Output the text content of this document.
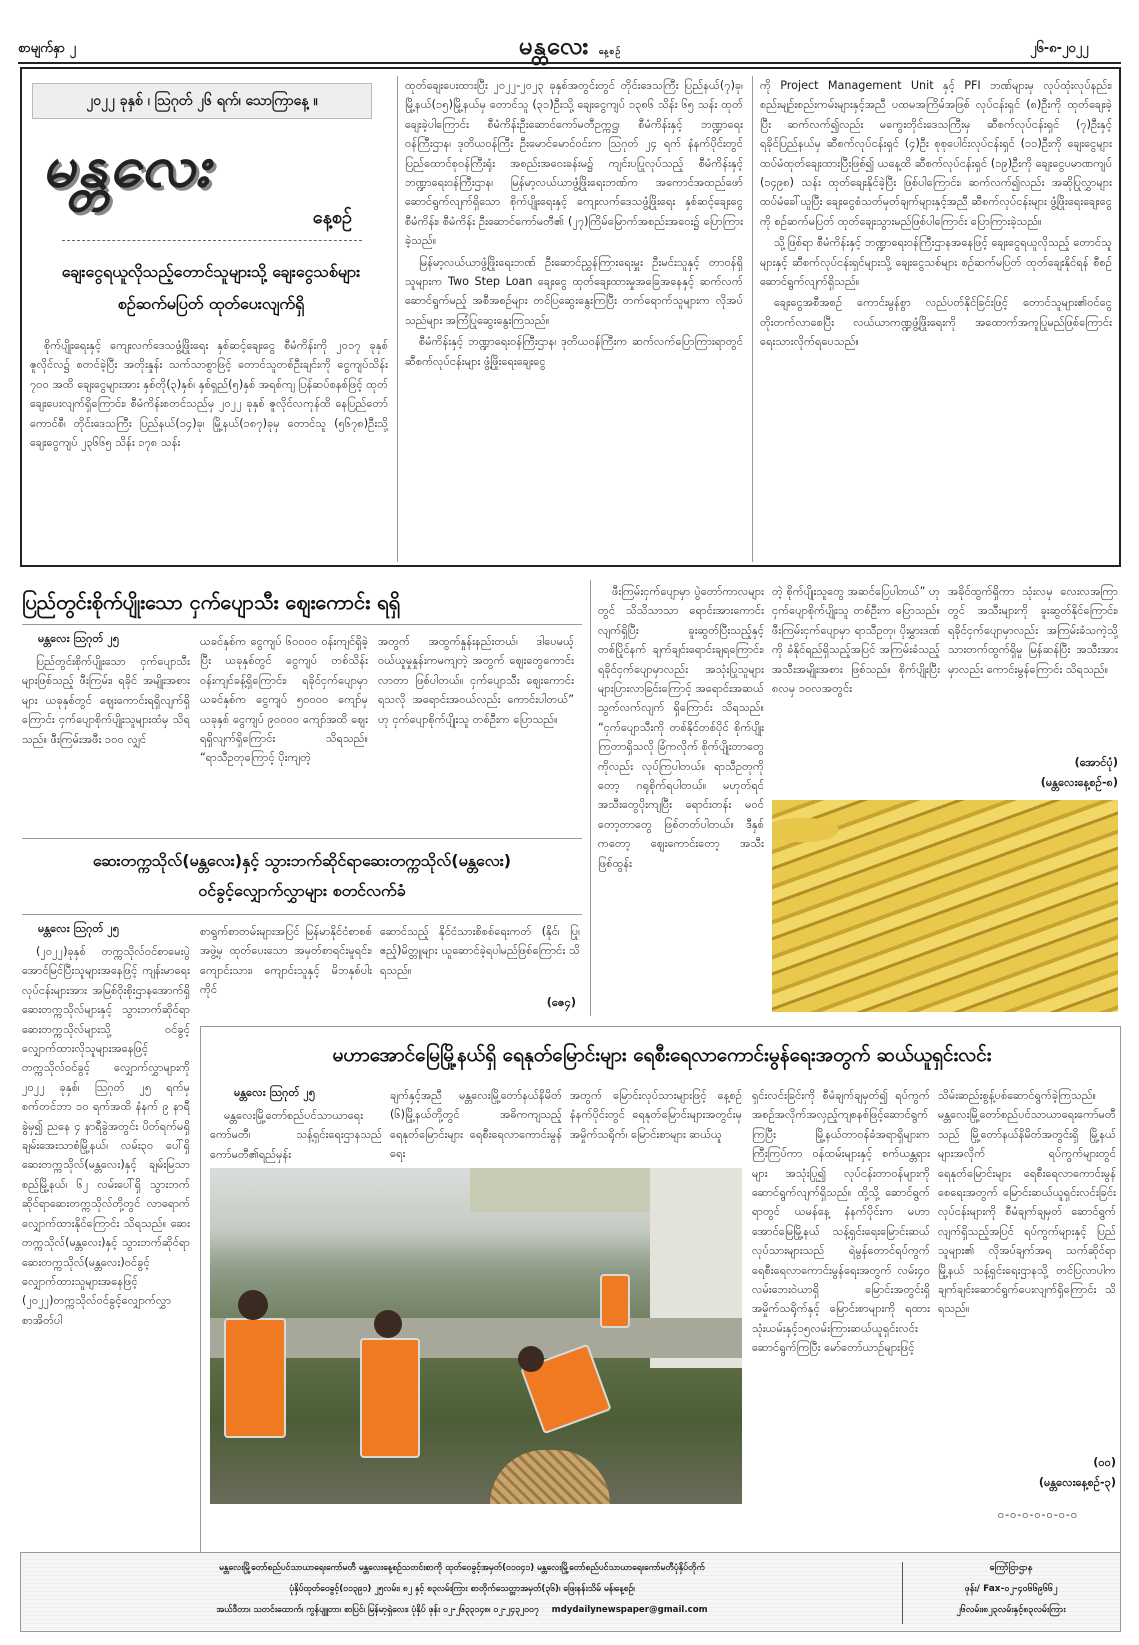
စာမျက်နှာ ၂	မန္တလေး နေ့စဉ်	၂၆-၈-၂၀၂၂
၂၀၂၂ ခုနှစ် ၊ ဩဂုတ် ၂၆ ရက်၊ သောကြာနေ့ ။
မန္တလေး
နေ့စဉ်
ချေးငွေရယူလိုသည့်တောင်သူများသို့ ချေးငွေသစ်များ
စဉ်ဆက်မပြတ် ထုတ်ပေးလျက်ရှိ

စိုက်ပျိုးရေးနှင့် ကျေးလက်ဒေသဖွံ့ဖြိုးရေး နှစ်ဆင့်ချေးငွေ စီမံကိန်းကို ၂၀၁၇ ခုနှစ် ဇူလိုင်လ၌ စတင်ခဲ့ပြီး အတိုးနှုန်း သက်သာစွာဖြင့် တောင်သူတစ်ဦးချင်းကို ငွေကျပ်သိန်း ၇၀၀ အထိ ချေးငွေများအား နှစ်တို(၃)နှစ်၊ နှစ်ရှည်(၅)နှစ် အရစ်ကျ ပြန်ဆပ်စနစ်ဖြင့် ထုတ်ချေးပေးလျက်ရှိကြောင်း၊ စီမံကိန်းစတင်သည်မှ ၂၀၂၂ ခုနှစ် ဇူလိုင်လကုန်ထိ နေပြည်တော်ကောင်စီ၊ တိုင်းဒေသကြီး ပြည်နယ်(၁၄)ခု၊ မြို့နယ်(၁၈၇)ခုမှ တောင်သူ (၅၆၇၈)ဦးသို့ ချေးငွေကျပ် ၂၃၆၆၅ သိန်း ၁၇၈ သန်း

ထုတ်ချေးပေးထားပြီး ၂၀၂၂-၂၀၂၃ ခုနှစ်အတွင်းတွင် တိုင်းဒေသကြီး ပြည်နယ်(၇)ခု၊ မြို့နယ်(၁၅)မြို့နယ်မှ တောင်သူ (၃၁)ဦးသို့ ချေးငွေကျပ် ၁၃၈၆ သိန်း ၆၅ သန်း ထုတ်ချေးခဲ့ပါကြောင်း စီမံကိန်းဦးဆောင်ကော်မတီဥက္ကဋ္ဌ၊ စီမံကိန်းနှင့် ဘဏ္ဍာရေးဝန်ကြီးဌာန၊ ဒုတိယဝန်ကြီး ဦးမောင်မောင်ဝင်းက ဩဂုတ် ၂၄ ရက် နံနက်ပိုင်းတွင် ပြည်ထောင်စုဝန်ကြီးရုံး အစည်းအဝေးခန်းမ၌ ကျင်းပပြုလုပ်သည့် စီမံကိန်းနှင့် ဘဏ္ဍာရေးဝန်ကြီးဌာန၊ မြန်မာ့လယ်ယာဖွံ့ဖြိုးရေးဘဏ်က အကောင်အထည်ဖော် ဆောင်ရွက်လျက်ရှိသော စိုက်ပျိုးရေးနှင့် ကျေးလက်ဒေသဖွံ့ဖြိုးရေး နှစ်ဆင့်ချေးငွေစီမံကိန်း၊ စီမံကိန်း ဦးဆောင်ကော်မတီ၏ (၂၇)ကြိမ်မြောက်အစည်းအဝေး၌ ပြောကြားခဲ့သည်။

မြန်မာ့လယ်ယာဖွံ့ဖြိုးရေးဘဏ် ဦးဆောင်ညွှန်ကြားရေးမှူး ဦးမင်းသူနှင့် တာဝန်ရှိသူများက Two Step Loan ချေးငွေ ထုတ်ချေးထားမှုအခြေအနေနှင့် ဆက်လက်ဆောင်ရွက်မည့် အစီအစဉ်များ တင်ပြဆွေးနွေးကြပြီး တက်ရောက်သူများက လိုအပ်သည်များ အကြံပြုဆွေးနွေးကြသည်။

စီမံကိန်းနှင့် ဘဏ္ဍာရေးဝန်ကြီးဌာန၊ ဒုတိယဝန်ကြီးက ဆက်လက်ပြောကြားရာတွင် ဆီစက်လုပ်ငန်းများ ဖွံ့ဖြိုးရေးချေးငွေ

ကို Project Management Unit နှင့် PFI ဘဏ်များမှ လုပ်ထုံးလုပ်နည်း၊ စည်းမျဉ်းစည်းကမ်းများနှင့်အညီ ပထမအကြိမ်အဖြစ် လုပ်ငန်းရှင် (၈)ဦးကို ထုတ်ချေးခဲ့ပြီး ဆက်လက်၍လည်း မကွေးတိုင်းဒေသကြီးမှ ဆီစက်လုပ်ငန်းရှင် (၇)ဦးနှင့် ရခိုင်ပြည်နယ်မှ ဆီစက်လုပ်ငန်းရှင် (၄)ဦး စုစုပေါင်းလုပ်ငန်းရှင် (၁၁)ဦးကို ချေးငွေများ ထပ်မံထုတ်ချေးထားပြီးဖြစ်၍ ယနေ့ထိ ဆီစက်လုပ်ငန်းရှင် (၁၉)ဦးကို ချေးငွေပမာဏကျပ် (၁၄၉၈) သန်း ထုတ်ချေးနိုင်ခဲ့ပြီး ဖြစ်ပါကြောင်း၊ ဆက်လက်၍လည်း အဆိုပြုလွှာများ ထပ်မံခေါ်ယူပြီး ချေးငွေစံသတ်မှတ်ချက်များနှင့်အညီ ဆီစက်လုပ်ငန်းများ ဖွံ့ဖြိုးရေးချေးငွေကို စဉ်ဆက်မပြတ် ထုတ်ချေးသွားမည်ဖြစ်ပါကြောင်း ပြောကြားခဲ့သည်။

သို့ဖြစ်ရာ စီမံကိန်းနှင့် ဘဏ္ဍာရေးဝန်ကြီးဌာနအနေဖြင့် ချေးငွေရယူလိုသည့် တောင်သူများနှင့် ဆီစက်လုပ်ငန်းရှင်များသို့ ချေးငွေသစ်များ စဉ်ဆက်မပြတ် ထုတ်ချေးနိုင်ရန် စီစဉ်ဆောင်ရွက်လျက်ရှိသည်။

ချေးငွေအစီအစဉ် ကောင်းမွန်စွာ လည်ပတ်နိုင်ခြင်းဖြင့် တောင်သူများ၏ဝင်ငွေတိုးတက်လာစေပြီး လယ်ယာကဏ္ဍဖွံ့ဖြိုးရေးကို အထောက်အကူပြုမည်ဖြစ်ကြောင်း ရေးသားလိုက်ရပေသည်။

ပြည်တွင်းစိုက်ပျိုးသော ငှက်ပျောသီး ဈေးကောင်း ရရှိ
မန္တလေး ဩဂုတ် ၂၅
ပြည်တွင်းစိုက်ပျိုးသော ငှက်ပျောသီးများဖြစ်သည့် ဖီးကြမ်း၊ ရခိုင် အမျိုးအစားများ ယခုနှစ်တွင် ဈေးကောင်းရရှိလျက်ရှိကြောင်း ငှက်ပျောစိုက်ပျိုးသူများထံမှ သိရသည်။ ဖီးကြမ်းအဖီး ၁၀၀ လျှင်
ယခင်နှစ်က ငွေကျပ် ၆၀၀၀၀ ဝန်းကျင်ရှိခဲ့ပြီး ယခုနှစ်တွင် ငွေကျပ် တစ်သိန်း ဝန်းကျင်ခန့်ရှိကြောင်း၊ ရခိုင်ငှက်ပျောမှာ ယခင်နှစ်က ငွေကျပ် ၅၀၀၀၀ ကျော်မှ ယခုနှစ် ငွေကျပ် ၉၀၀၀၀ ကျော်အထိ ဈေးရရှိလျက်ရှိကြောင်း သိရသည်။ “ရာသီဥတုကြောင့် ပိုးကျတဲ့
အတွက် အထွက်နှုန်းနည်းတယ်၊ ဒါပေမယ့် ဝယ်ယူမှုနှုန်းကမကျတဲ့ အတွက် ဈေးတွေကောင်းလာတာ ဖြစ်ပါတယ်။ ငှက်ပျောသီး ဈေးကောင်းရသလို အရောင်းအဝယ်လည်း ကောင်းပါတယ်” ဟု ငှက်ပျောစိုက်ပျိုးသူ တစ်ဦးက ပြောသည်။
ဖီးကြမ်းငှက်ပျောမှာ ပွဲတော်ကာလများတွင် သိသိသာသာ ရောင်းအားကောင်းလျက်ရှိပြီး ခူးဆွတ်ပြီးသည့်နှင့် တစ်ပြိုင်နက် ချက်ချင်းရောင်းချရကြောင်း၊ ရခိုင်ငှက်ပျောမှာလည်း အသုံးပြုသူများ များပြားလာခြင်းကြောင့် အရောင်းအဆယ်သွက်လက်လျက် ရှိကြောင်း သိရသည်။ “ငှက်ပျောသီးကို တစ်နိုင်တစ်ပိုင် စိုက်ပျိုးကြတာရှိသလို ခြံကလိုက် စိုက်ပျိုးတာတွေကိုလည်း လုပ်ကြပါတယ်။ ရာသီဥတုကိုတော့ ဂရုစိုက်ရပါတယ်။ မဟုတ်ရင် အသီးတွေပိုးကျပြီး ရောင်းတန်း မဝင်တော့တာတွေ ဖြစ်တတ်ပါတယ်။ ဒီနှစ်ကတော့ ဈေးကောင်းတော့ အသီးဖြစ်ထွန်း
တဲ့ စိုက်ပျိုးသူတွေ အဆင်ပြေပါတယ်” ဟု ငှက်ပျောစိုက်ပျိုးသူ တစ်ဦးက ပြောသည်။ ဖီးကြမ်းငှက်ပျောမှာ ရာသီဥတု၊ ပိုးမွှားဒဏ်ကို ခံနိုင်ရည်ရှိသည့်အပြင် အကြမ်းခံသည့် အသီးအမျိုးအစား ဖြစ်သည်။ စိုက်ပျိုးပြီး ၈လမှ ၁၀လအတွင်း
အခိုင်ထွက်ရှိကာ သုံးလမှ လေးလအကြာတွင် အသီးများကို ခူးဆွတ်နိုင်ကြောင်း၊ ရခိုင်ငှက်ပျောမှာလည်း အကြမ်းခံသကဲ့သို့ သားတက်ထွက်ရှိမှု မြန်ဆန်ပြီး အသီးအားမှာလည်း ကောင်းမွန်ကြောင်း သိရသည်။
(အောင်ပုံ)
(မန္တလေးနေ့စဉ်-၈)
ဆေးတက္ကသိုလ်(မန္တလေး)နှင့် သွားဘက်ဆိုင်ရာဆေးတက္ကသိုလ်(မန္တလေး)
ဝင်ခွင့်လျှောက်လွှာများ စတင်လက်ခံ
မန္တလေး ဩဂုတ် ၂၅
(၂၀၂၂)ခုနှစ် တက္ကသိုလ်ဝင်စာမေးပွဲအောင်မြင်ပြီးသူများအနေဖြင့် ကျန်းမာရေးလုပ်ငန်းများအား အမြစ်ဝိုးစိုးဌာနအောက်ရှိ ဆေးတက္ကသိုလ်များနှင့် သွားဘက်ဆိုင်ရာဆေးတက္ကသိုလ်များသို့ ဝင်ခွင့်လျှောက်ထားလိုသူများအနေဖြင့် တက္ကသိုလ်ဝင်ခွင့် လျှောက်လွှာများကို ၂၀၂၂ ခုနှစ်၊ ဩဂုတ် ၂၅ ရက်မှ စက်တင်ဘာ ၁၀ ရက်အထိ နံနက် ၉ နာရီခွဲမှ၍ ညနေ ၄ နာရီခွဲအတွင်း ပိတ်ရက်မရှိ ချမ်းအေးသာစံမြို့နယ်၊ လမ်း၃၀ ပေါ်ရှိ ဆေးတက္ကသိုလ်(မန္တလေး)နှင့် ချမ်းမြသာစည်မြို့နယ်၊ ၆၂ လမ်းပေါ်ရှိ သွားဘက်ဆိုင်ရာဆေးတက္ကသိုလ်တို့တွင် လာရောက်လျှောက်ထားနိုင်ကြောင်း သိရသည်။ ဆေးတက္ကသိုလ်(မန္တလေး)နှင့် သွားဘက်ဆိုင်ရာဆေးတက္ကသိုလ်(မန္တလေး)ဝင်ခွင့်လျှောက်ထားသူများအနေဖြင့် (၂၀၂၂)တက္ကသိုလ်ဝင်ခွင့်လျှောက်လွှာ စာအိတ်ပါ
စာရွက်စာတမ်းများအပြင် မြန်မာနိုင်ငံစာစစ်အဖွဲ့မှ ထုတ်ပေးသော အမှတ်စာရင်းမူရင်း၊ ကျောင်းသား၊ ကျောင်းသူနှင့် မိဘနှစ်ပါး ကိုင်
ဆောင်သည့် နိုင်ငံသားစိစစ်ရေးကတ် (နိုင်၊ ပြု၊ ဧည့်)မိတ္တူများ ယူဆောင်ခဲ့ရပါမည်ဖြစ်ကြောင်း သိရသည်။
(ဇေ၄)
မဟာအောင်မြေမြို့နယ်ရှိ ရေနုတ်မြောင်းများ ရေစီးရေလာကောင်းမွန်ရေးအတွက် ဆယ်ယူရှင်းလင်း
မန္တလေး ဩဂုတ် ၂၅
မန္တလေးမြို့တော်စည်ပင်သာယာရေးကော်မတီ၊ သန့်ရှင်းရေးဌာနသည် ကော်မတီ၏ရည်မှန်း
ချက်နှင့်အညီ မန္တလေးမြို့တော်နယ်နိမိတ် (၆)မြို့နယ်တို့တွင် အဓိကကျသည့် ရေနုတ်မြောင်းများ ရေစီးရေလာကောင်းမွန်ရေး
အတွက် မြောင်းလုပ်သားများဖြင့် နေ့စဉ် နံနက်ပိုင်းတွင် ရေနုတ်မြောင်းများအတွင်းမှ အမှိုက်သရိုက်၊ မြောင်းစာများ ဆယ်ယူ
ရှင်းလင်းခြင်းကို စီမံချက်ချမှတ်၍ ရပ်ကွက်အစဉ်အလိုက်အလှည့်ကျစနစ်ဖြင့်ဆောင်ရွက်ကြပြီး မြို့နယ်တာဝန်ခံအရာရှိများက ကြီးကြပ်ကာ ဝန်ထမ်းများနှင့် စက်ယန္တရားများ အသုံးပြု၍ လုပ်ငန်းတာဝန်များကို ဆောင်ရွက်လျက်ရှိသည်။ ထို့သို့ ဆောင်ရွက်ရာတွင် ယမန်နေ့ နံနက်ပိုင်းက မဟာအောင်မြေမြို့နယ် သန့်ရှင်းရေးမြောင်းဆယ်လုပ်သားများသည် ရဲမွန်တောင်ရပ်ကွက် ရေစီးရေလာကောင်းမွန်ရေးအတွက် လမ်း၄၀ လမ်းဘေးဝဲယာရှိ မြောင်းအတွင်းရှိ အမှိုက်သရိုက်နှင့် မြောင်းစာများကို ရထားသုံးယမ်းနှင့်၁၅လမ်းကြားဆယ်ယူရှင်းလင်းဆောင်ရွက်ကြပြီး မော်တော်ယာဉ်များဖြင့်
သိမ်းဆည်းစွန့်ပစ်ဆောင်ရွက်ခဲ့ကြသည်။ မန္တလေးမြို့တော်စည်ပင်သာယာရေးကော်မတီသည် မြို့တော်နယ်နိမိတ်အတွင်းရှိ မြို့နယ်များအလိုက် ရပ်ကွက်များတွင် ရေနုတ်မြောင်းများ ရေစီးရေလာကောင်းမွန်စေရေးအတွက် မြောင်းဆယ်ယူရှင်းလင်းခြင်းလုပ်ငန်းများကို စီမံချက်ချမှတ် ဆောင်ရွက်လျက်ရှိသည့်အပြင် ရပ်ကွက်များနှင့် ပြည်သူများ၏ လိုအပ်ချက်အရ သက်ဆိုင်ရာမြို့နယ် သန့်ရှင်းရေးဌာနသို့ တင်ပြလာပါက ချက်ချင်းဆောင်ရွက်ပေးလျက်ရှိကြောင်း သိရသည်။
(ဝဝ)
(မန္တလေးနေ့စဉ်-၃)
၀-၀-၀-၀-၀-၀-၀
မန္တလေးမြို့တော်စည်ပင်သာယာရေးကော်မတီ မန္တလေးနေ့စဉ်သတင်းစာကို ထုတ်ဝေခွင့်အမှတ်(၀၁၀၄၁) မန္တလေးမြို့တော်စည်ပင်သာယာရေးကော်မတီပုံနှိပ်တိုက်
ပုံနှိပ်ထုတ်ဝေခွင့်(၀၁၃၉၁) ၂၅လမ်း၊ ၈၂ နှင့် ၈၃လမ်းကြား စာတိုက်သေတ္တာအမှတ်(၃၆)၊ ဖြေးနန်းသိမ် မန်၊နေ့စဉ်၊
အယ်ဒီတာ၊ သတင်းထောက်၊ ကွန်ပျူတာ၊ စာပြင်၊ မြန်မာ့ရှဲလေး၊ ပုံနှိပ် ဖုန်း ၀၂-၂၆၃၃၁၄၈၊ ၀၂-၂၄၃၂၀၀၇ mdydailynewspaper@gmail.com
ကြော်ငြာဌာန
ဖုန်း/ Fax-၀၂-၄၀၆၆၉၆၆၂
၂၆လမ်း၊၈၂၃လမ်းနှင့်၈၃လမ်းကြား
